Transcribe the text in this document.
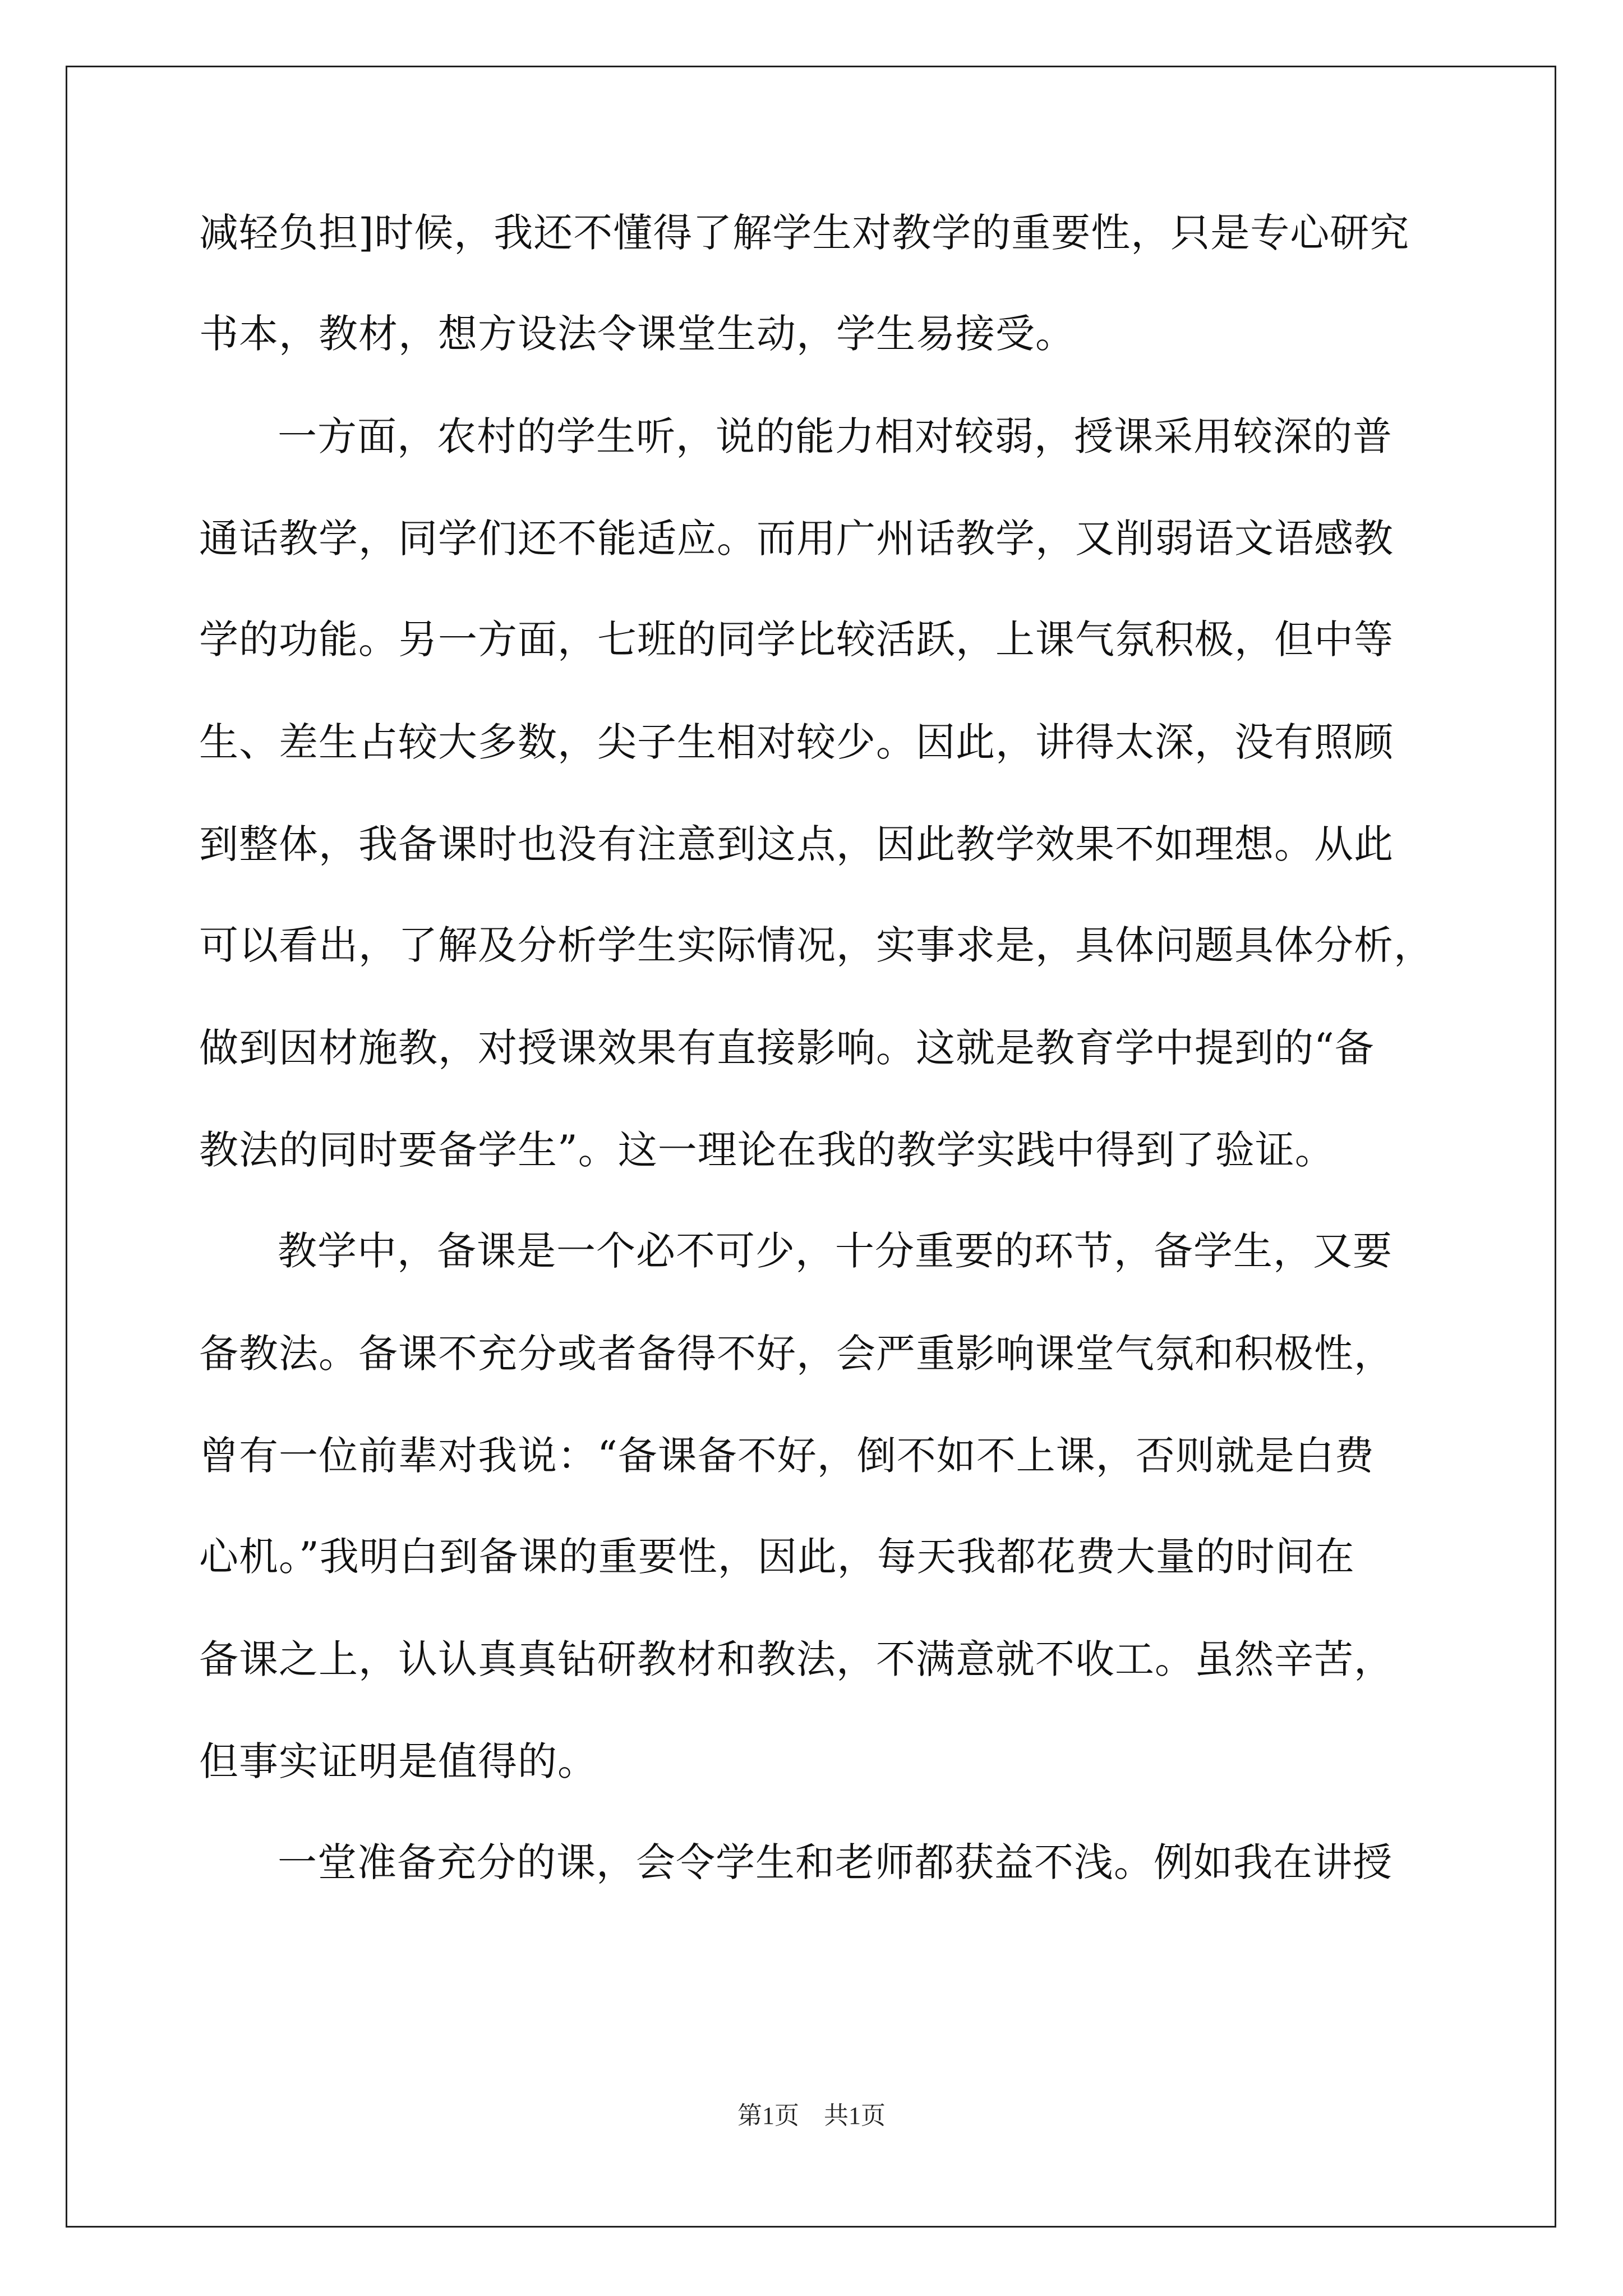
减轻负担]时候，我还不懂得了解学生对教学的重要性，只是专心研究
书本，教材，想方设法令课堂生动，学生易接受。
一方面，农村的学生听，说的能力相对较弱，授课采用较深的普
通话教学，同学们还不能适应。而用广州话教学，又削弱语文语感教
学的功能。另一方面，七班的同学比较活跃，上课气氛积极，但中等
生、差生占较大多数，尖子生相对较少。因此，讲得太深，没有照顾
到整体，我备课时也没有注意到这点，因此教学效果不如理想。从此
可以看出，了解及分析学生实际情况，实事求是，具体问题具体分析，
做到因材施教，对授课效果有直接影响。这就是教育学中提到的“备
教法的同时要备学生”。这一理论在我的教学实践中得到了验证。
教学中，备课是一个必不可少，十分重要的环节，备学生，又要
备教法。备课不充分或者备得不好，会严重影响课堂气氛和积极性，
曾有一位前辈对我说：“备课备不好，倒不如不上课，否则就是白费
心机。”我明白到备课的重要性，因此，每天我都花费大量的时间在
备课之上，认认真真钻研教材和教法，不满意就不收工。虽然辛苦，
但事实证明是值得的。
一堂准备充分的课，会令学生和老师都获益不浅。例如我在讲授
第1页　共1页
